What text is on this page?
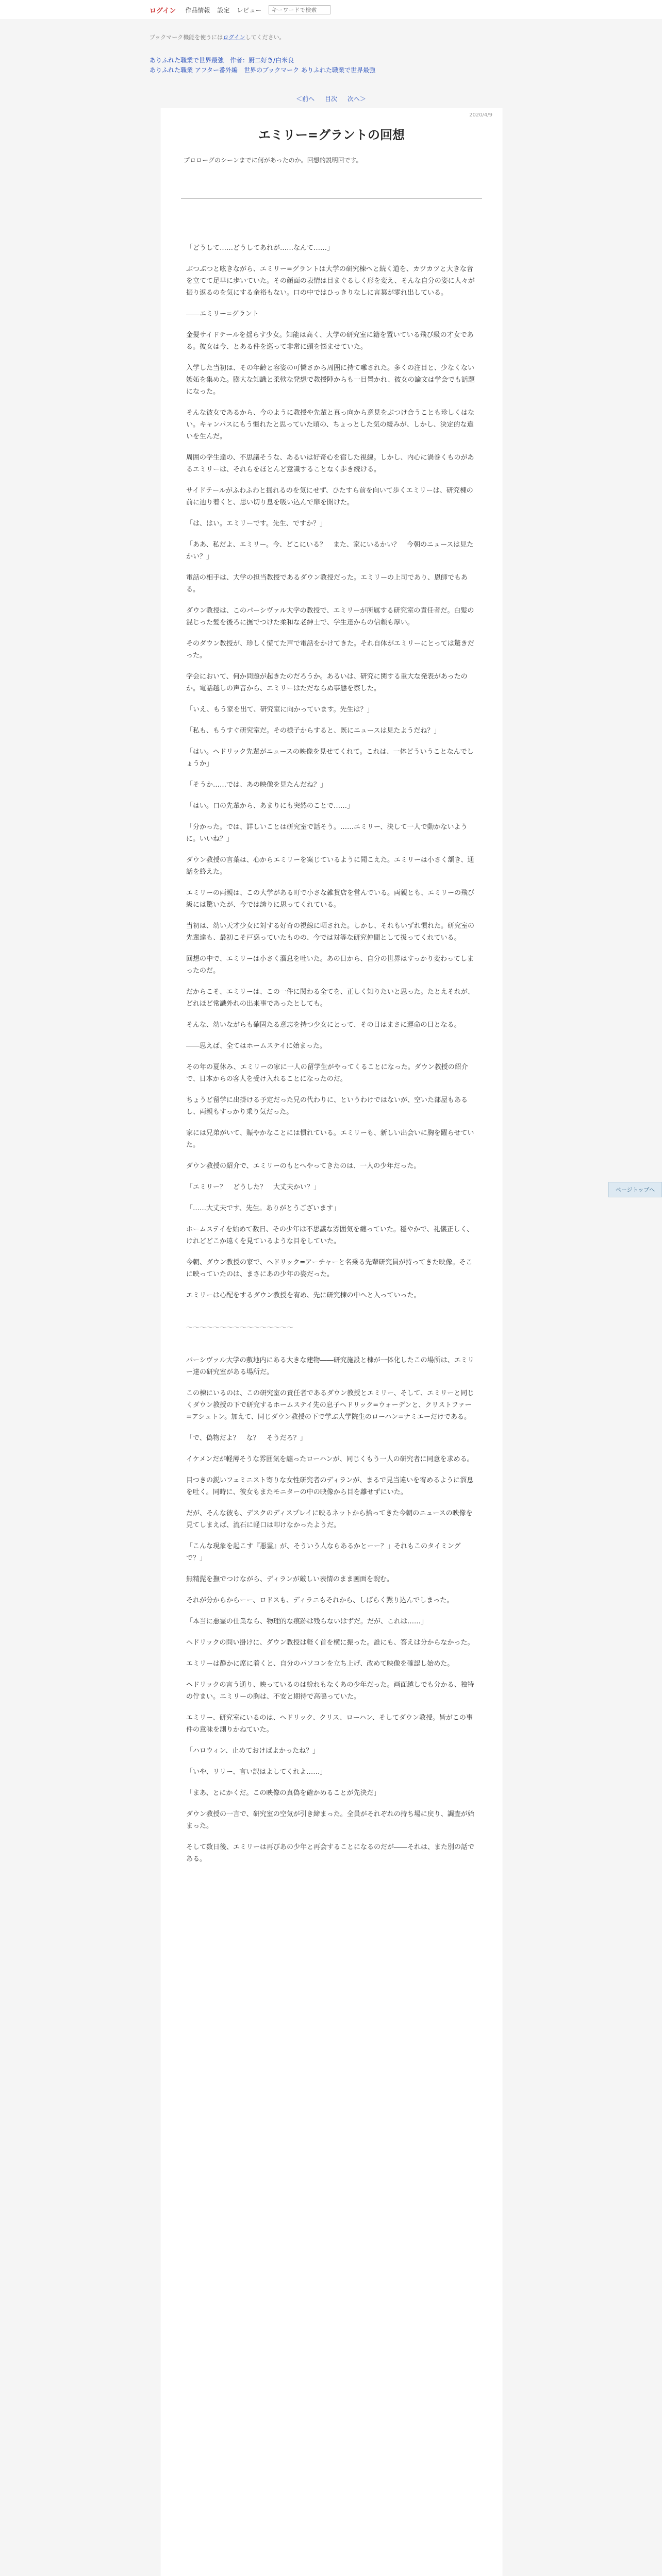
ログイン 作品情報 設定 レビュー
キーワードで検索
ブックマーク機能を使うにはログインしてください。
ありふれた職業で世界最強　作者：厨二好き/白米良
ありふれた職業 アフター番外編　世界のブックマーク ありふれた職業で世界最強
＜前へ 目次 次へ＞
2020/4/9
エミリー=グラントの回想

プロローグのシーンまでに何があったのか。回想的説明回です。

「どうして……どうしてあれが……なんて……」

ぶつぶつと呟きながら、エミリー=グラントは大学の研究棟へと続く道を、カツカツと大きな音を立てて足早に歩いていた。その顔面の表情は目まぐるしく形を変え、そんな自分の姿に人々が振り返るのを気にする余裕もない。口の中ではひっきりなしに言葉が零れ出している。

――エミリー=グラント

金髪サイドテールを揺らす少女。知能は高く、大学の研究室に籍を置いている飛び級の才女である。彼女は今、とある件を巡って非常に頭を悩ませていた。

入学した当初は、その年齢と容姿の可憐さから周囲に持て囃された。多くの注目と、少なくない嫉妬を集めた。膨大な知識と柔軟な発想で教授陣からも一目置かれ、彼女の論文は学会でも話題になった。

そんな彼女であるから、今のように教授や先輩と真っ向から意見をぶつけ合うことも珍しくはない。キャンパスにもう慣れたと思っていた頃の、ちょっとした気の緩みが、しかし、決定的な違いを生んだ。

周囲の学生達の、不思議そうな、あるいは好奇心を宿した視線。しかし、内心に渦巻くものがあるエミリーは、それらをほとんど意識することなく歩き続ける。

サイドテールがふわふわと揺れるのを気にせず、ひたすら前を向いて歩くエミリーは、研究棟の前に辿り着くと、思い切り息を吸い込んで扉を開けた。

「は、はい。エミリーです。先生、ですか？」

「ああ、私だよ、エミリー。今、どこにいる？　また、家にいるかい？　今朝のニュースは見たかい？」

電話の相手は、大学の担当教授であるダウン教授だった。エミリーの上司であり、恩師でもある。

ダウン教授は、このパーシヴァル大学の教授で、エミリーが所属する研究室の責任者だ。白髪の混じった髪を後ろに撫でつけた柔和な老紳士で、学生達からの信頼も厚い。

そのダウン教授が、珍しく慌てた声で電話をかけてきた。それ自体がエミリーにとっては驚きだった。

学会において、何か問題が起きたのだろうか。あるいは、研究に関する重大な発表があったのか。電話越しの声音から、エミリーはただならぬ事態を察した。

「いえ、もう家を出て、研究室に向かっています。先生は？」

「私も、もうすぐ研究室だ。その様子からすると、既にニュースは見たようだね？」

「はい。ヘドリック先輩がニュースの映像を見せてくれて。これは、一体どういうことなんでしょうか」

「そうか……では、あの映像を見たんだね？」

「はい。口の先輩から、あまりにも突然のことで……」

「分かった。では、詳しいことは研究室で話そう。……エミリー、決して一人で動かないように。いいね？」

ダウン教授の言葉は、心からエミリーを案じているように聞こえた。エミリーは小さく頷き、通話を終えた。

エミリーの両親は、この大学がある町で小さな雑貨店を営んでいる。両親とも、エミリーの飛び級には驚いたが、今では誇りに思ってくれている。

当初は、幼い天才少女に対する好奇の視線に晒された。しかし、それもいずれ慣れた。研究室の先輩達も、最初こそ戸惑っていたものの、今では対等な研究仲間として扱ってくれている。

回想の中で、エミリーは小さく溜息を吐いた。あの日から、自分の世界はすっかり変わってしまったのだ。

だからこそ、エミリーは、この一件に関わる全てを、正しく知りたいと思った。たとえそれが、どれほど常識外れの出来事であったとしても。

そんな、幼いながらも確固たる意志を持つ少女にとって、その日はまさに運命の日となる。

――思えば、全てはホームステイに始まった。

その年の夏休み、エミリーの家に一人の留学生がやってくることになった。ダウン教授の紹介で、日本からの客人を受け入れることになったのだ。

ちょうど留学に出掛ける予定だった兄の代わりに、というわけではないが、空いた部屋もあるし、両親もすっかり乗り気だった。

家には兄弟がいて、賑やかなことには慣れている。エミリーも、新しい出会いに胸を躍らせていた。

ダウン教授の紹介で、エミリーのもとへやってきたのは、一人の少年だった。

「エミリー？　どうした？　大丈夫かい？」

「……大丈夫です、先生。ありがとうございます」

ホームステイを始めて数日、その少年は不思議な雰囲気を纏っていた。穏やかで、礼儀正しく、けれどどこか遠くを見ているような目をしていた。

今朝、ダウン教授の家で、ヘドリック=アーチャーと名乗る先輩研究員が持ってきた映像。そこに映っていたのは、まさにあの少年の姿だった。

エミリーは心配をするダウン教授を宥め、先に研究棟の中へと入っていった。

〜〜〜〜〜〜〜〜〜〜〜〜〜〜〜〜

パーシヴァル大学の敷地内にある大きな建物――研究施設と棟が一体化したこの場所は、エミリー達の研究室がある場所だ。

この棟にいるのは、この研究室の責任者であるダウン教授とエミリー、そして、エミリーと同じくダウン教授の下で研究するホームステイ先の息子ヘドリック=ウォーデンと、クリストファー=アシュトン。加えて、同じダウン教授の下で学ぶ大学院生のローハン=ナミエーだけである。

「で、偽物だよ？　な？　そうだろ？」

イケメンだが軽薄そうな雰囲気を纏ったローハンが、同じくもう一人の研究者に同意を求める。

目つきの鋭いフェミニスト寄りな女性研究者のディランが、まるで見当違いを宥めるように溜息を吐く。同時に、彼女もまたモニターの中の映像から目を離せずにいた。

だが、そんな彼も、デスクのディスプレイに映るネットから拾ってきた今朝のニュースの映像を見てしまえば、流石に軽口は叩けなかったようだ。

「こんな現象を起こす『悪霊』が、そういう人ならあるかとーー？」それもこのタイミングで？」

無精髭を撫でつけながら、ディランが厳しい表情のまま画面を睨む。

それが分からからーー、ロドスも、ディラニもそれから、しばらく黙り込んでしまった。

「本当に悪霊の仕業なら、物理的な痕跡は残らないはずだ。だが、これは……」

ヘドリックの問い掛けに、ダウン教授は軽く首を横に振った。誰にも、答えは分からなかった。

エミリーは静かに席に着くと、自分のパソコンを立ち上げ、改めて映像を確認し始めた。

ヘドリックの言う通り、映っているのは紛れもなくあの少年だった。画面越しでも分かる、独特の佇まい。エミリーの胸は、不安と期待で高鳴っていた。

エミリー、研究室にいるのは、ヘドリック、クリス、ローハン、そしてダウン教授。皆がこの事件の意味を測りかねていた。

「ハロウィン、止めておけばよかったね？」

「いや、リリー、言い訳はよしてくれよ……」

「まあ、とにかくだ。この映像の真偽を確かめることが先決だ」

ダウン教授の一言で、研究室の空気が引き締まった。全員がそれぞれの持ち場に戻り、調査が始まった。

そして数日後、エミリーは再びあの少年と再会することになるのだが――それは、また別の話である。

ページトップへ
